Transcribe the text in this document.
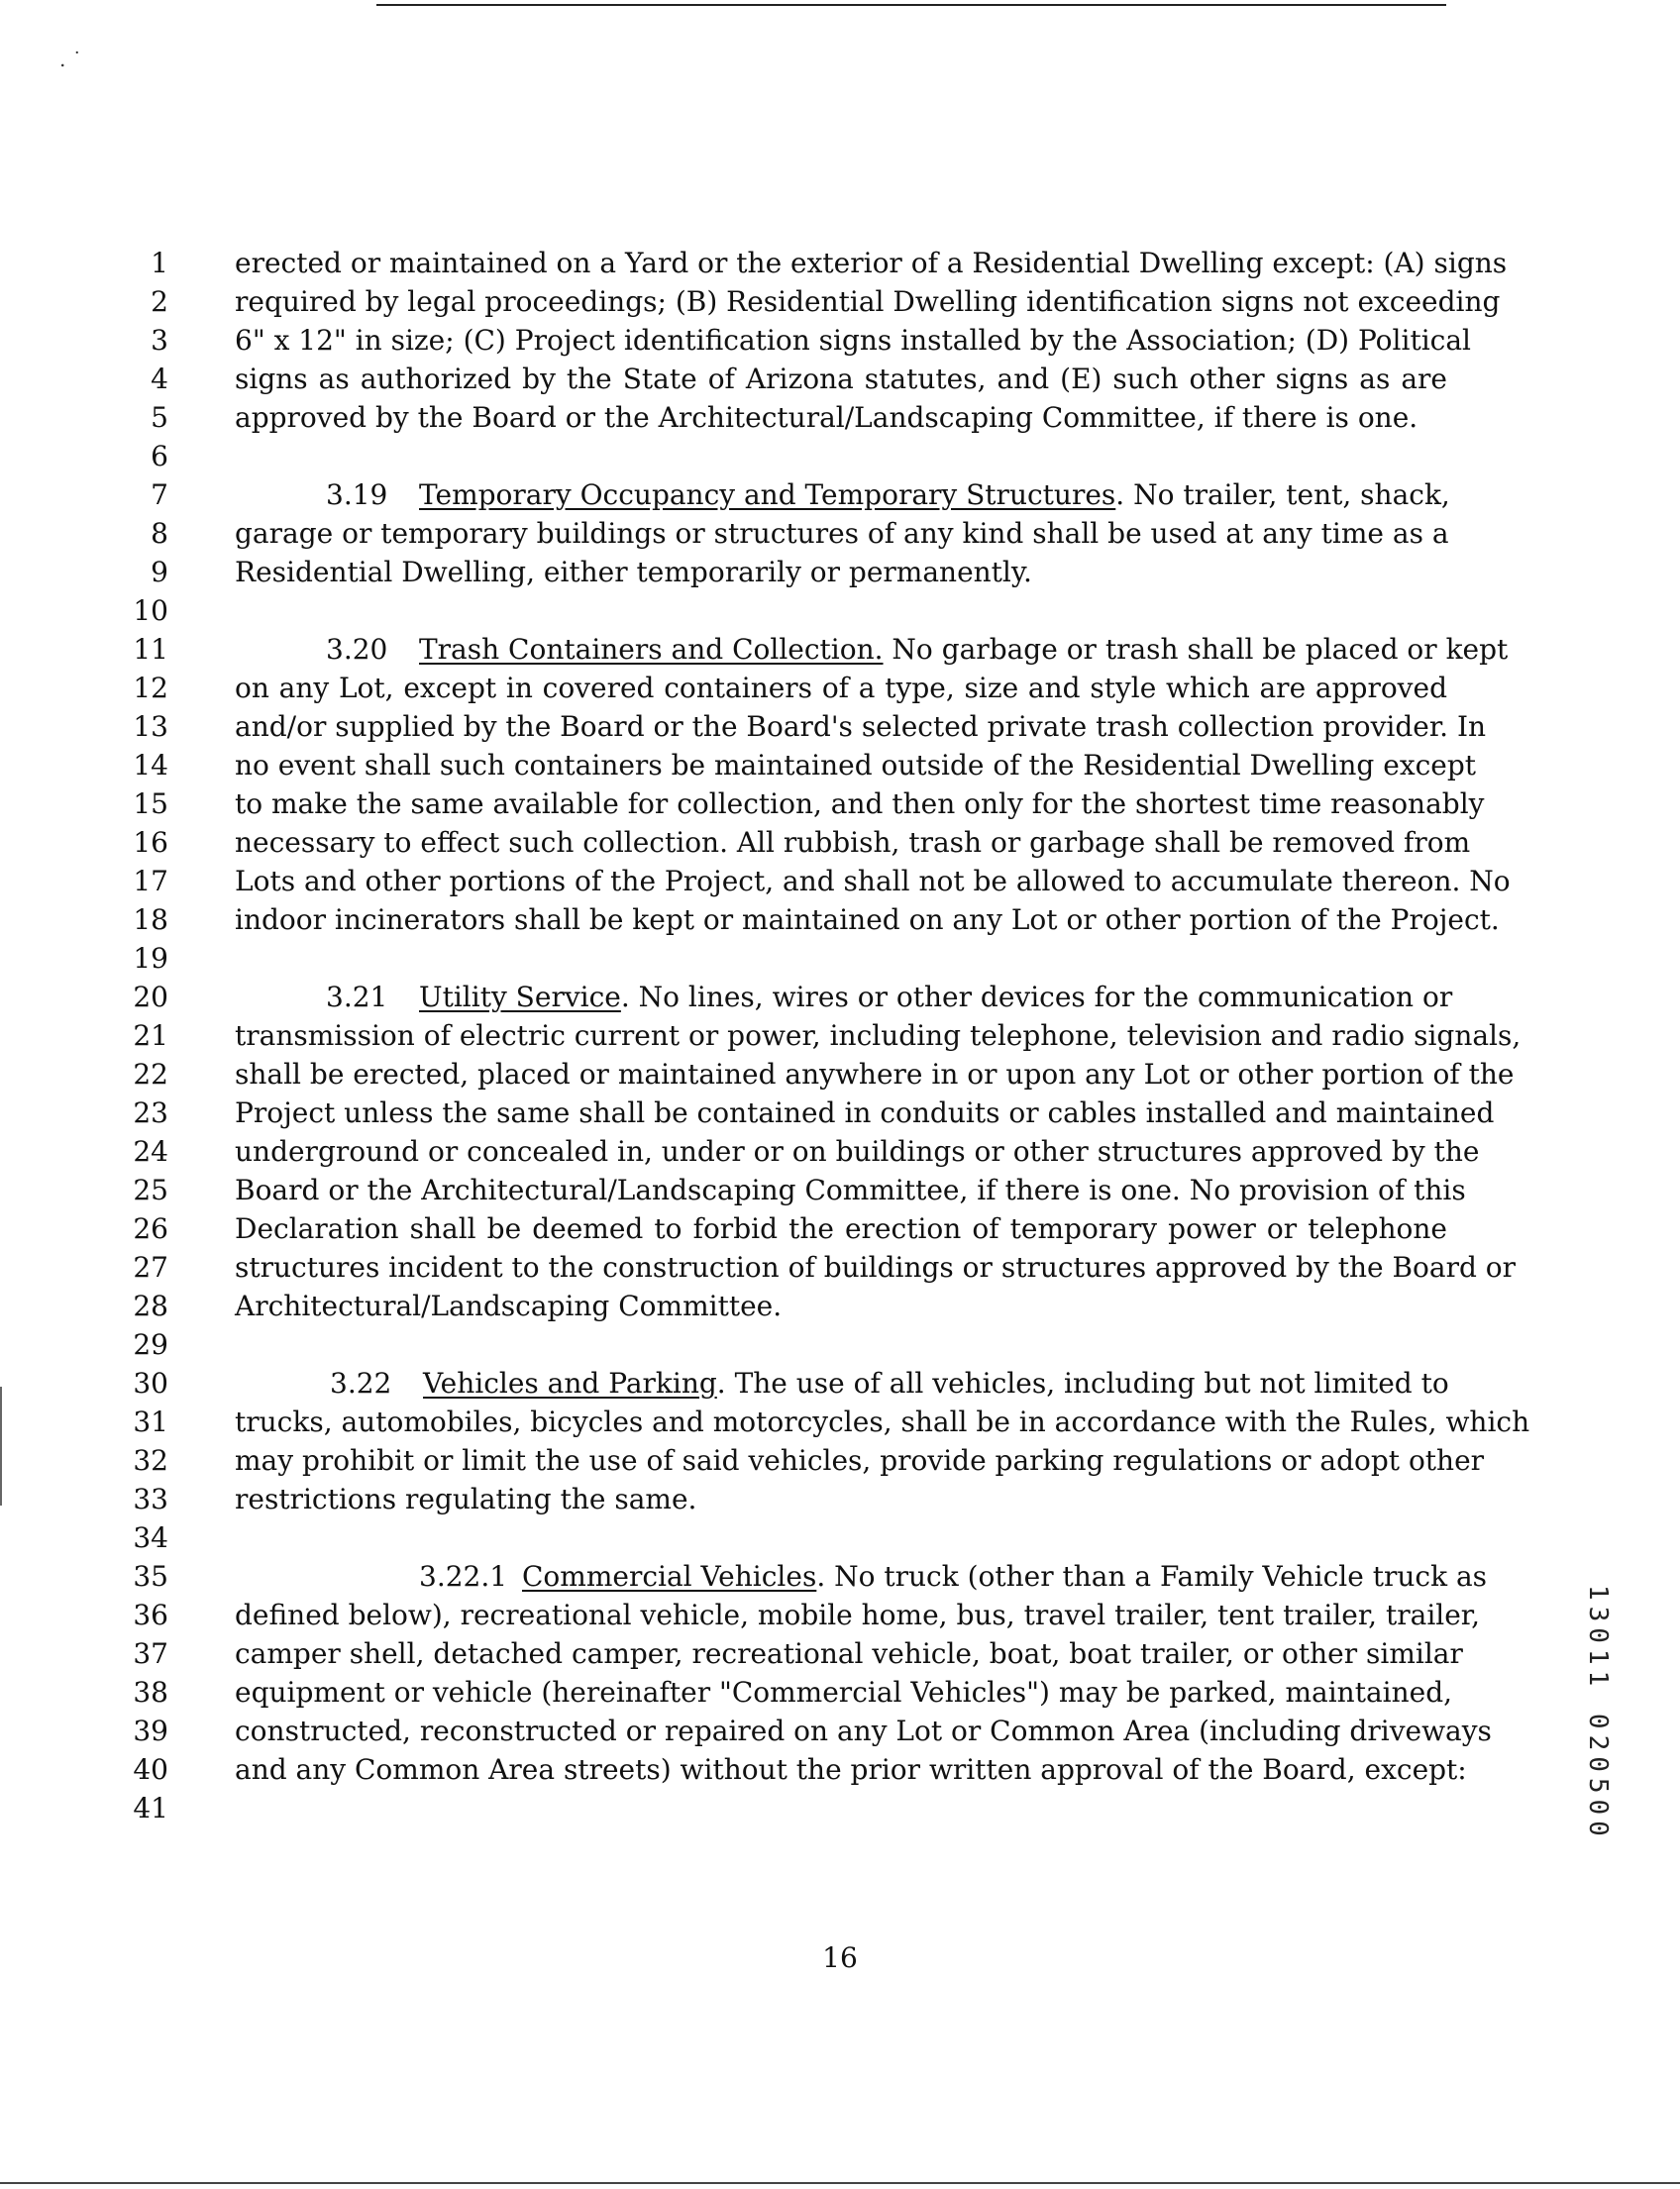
. ˙
1
2
3
4
5
6
7
8
9
10
11
12
13
14
15
16
17
18
19
20
21
22
23
24
25
26
27
28
29
30
31
32
33
34
35
36
37
38
39
40
41
erected or maintained on a Yard or the exterior of a Residential Dwelling except: (A) signs
required by legal proceedings; (B) Residential Dwelling identification signs not exceeding
6" x 12" in size; (C) Project identification signs installed by the Association; (D) Political
signs as authorized by the State of Arizona statutes, and (E) such other signs as are
approved by the Board or the Architectural/Landscaping Committee, if there is one.
3.19 Temporary Occupancy and Temporary Structures. No trailer, tent, shack,
garage or temporary buildings or structures of any kind shall be used at any time as a
Residential Dwelling, either temporarily or permanently.
3.20 Trash Containers and Collection. No garbage or trash shall be placed or kept
on any Lot, except in covered containers of a type, size and style which are approved
and/or supplied by the Board or the Board's selected private trash collection provider. In
no event shall such containers be maintained outside of the Residential Dwelling except
to make the same available for collection, and then only for the shortest time reasonably
necessary to effect such collection. All rubbish, trash or garbage shall be removed from
Lots and other portions of the Project, and shall not be allowed to accumulate thereon. No
indoor incinerators shall be kept or maintained on any Lot or other portion of the Project.
3.21 Utility Service. No lines, wires or other devices for the communication or
transmission of electric current or power, including telephone, television and radio signals,
shall be erected, placed or maintained anywhere in or upon any Lot or other portion of the
Project unless the same shall be contained in conduits or cables installed and maintained
underground or concealed in, under or on buildings or other structures approved by the
Board or the Architectural/Landscaping Committee, if there is one. No provision of this
Declaration shall be deemed to forbid the erection of temporary power or telephone
structures incident to the construction of buildings or structures approved by the Board or
Architectural/Landscaping Committee.
3.22 Vehicles and Parking. The use of all vehicles, including but not limited to
trucks, automobiles, bicycles and motorcycles, shall be in accordance with the Rules, which
may prohibit or limit the use of said vehicles, provide parking regulations or adopt other
restrictions regulating the same.
3.22.1 Commercial Vehicles. No truck (other than a Family Vehicle truck as
defined below), recreational vehicle, mobile home, bus, travel trailer, tent trailer, trailer,
camper shell, detached camper, recreational vehicle, boat, boat trailer, or other similar
equipment or vehicle (hereinafter "Commercial Vehicles") may be parked, maintained,
constructed, reconstructed or repaired on any Lot or Common Area (including driveways
and any Common Area streets) without the prior written approval of the Board, except:
16
13011 020500
